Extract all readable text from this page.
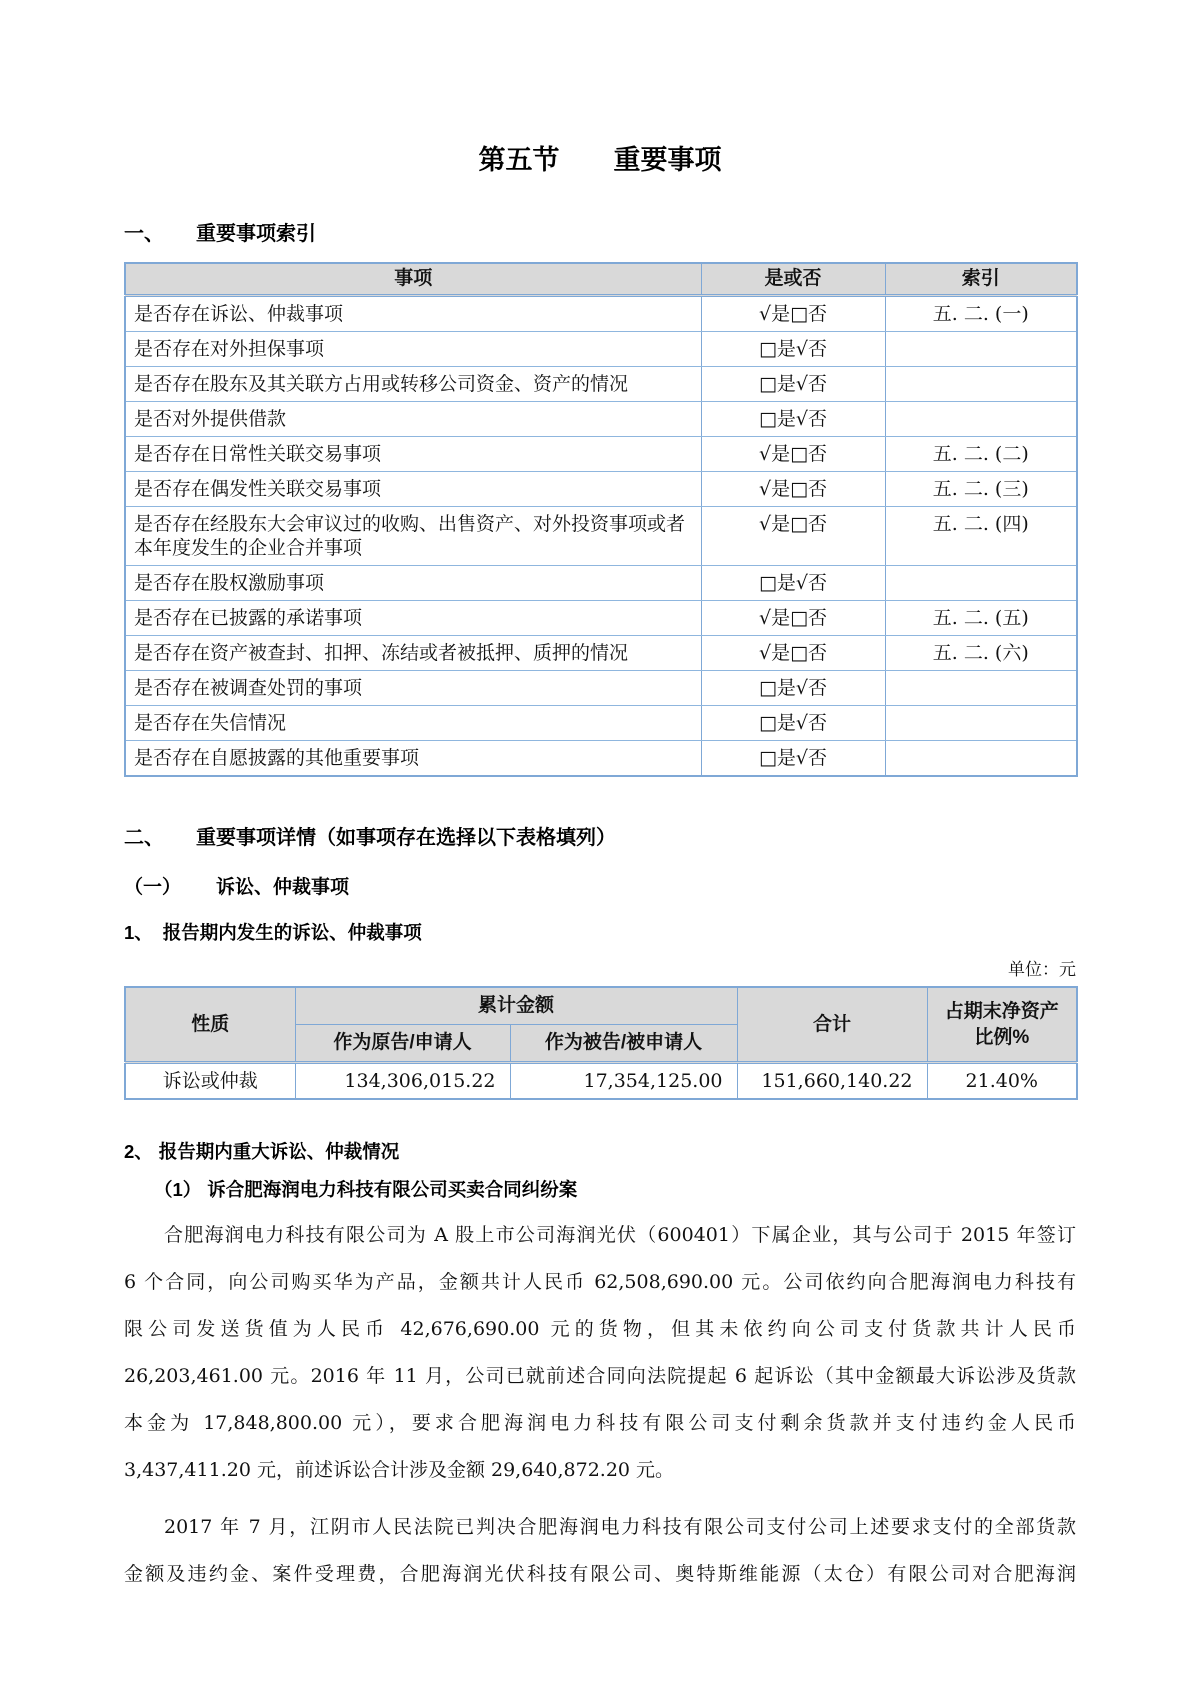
第五节　　重要事项
一、	重要事项索引
事项	是或否	索引
是否存在诉讼、仲裁事项	√是□否	五. 二. (一)
是否存在对外担保事项	□是√否	
是否存在股东及其关联方占用或转移公司资金、资产的情况	□是√否	
是否对外提供借款	□是√否	
是否存在日常性关联交易事项	√是□否	五. 二. (二)
是否存在偶发性关联交易事项	√是□否	五. 二. (三)
是否存在经股东大会审议过的收购、出售资产、对外投资事项或者本年度发生的企业合并事项	√是□否	五. 二. (四)
是否存在股权激励事项	□是√否	
是否存在已披露的承诺事项	√是□否	五. 二. (五)
是否存在资产被查封、扣押、冻结或者被抵押、质押的情况	√是□否	五. 二. (六)
是否存在被调查处罚的事项	□是√否	
是否存在失信情况	□是√否	
是否存在自愿披露的其他重要事项	□是√否	
二、	重要事项详情（如事项存在选择以下表格填列）
（一）	诉讼、仲裁事项
1、 报告期内发生的诉讼、仲裁事项
单位：元
性质	累计金额		合计	占期末净资产
比例%

	作为原告/申请人	作为被告/被申请人		
诉讼或仲裁	134,306,015.22	17,354,125.00	151,660,140.22	21.40%
2、 报告期内重大诉讼、仲裁情况
（1） 诉合肥海润电力科技有限公司买卖合同纠纷案
合肥海润电力科技有限公司为 A 股上市公司海润光伏（600401）下属企业，其与公司于 2015 年签订
6 个合同，向公司购买华为产品，金额共计人民币 62,508,690.00 元。公司依约向合肥海润电力科技有
限公司发送货值为人民币 42,676,690.00 元的货物，但其未依约向公司支付货款共计人民币
26,203,461.00 元。2016 年 11 月，公司已就前述合同向法院提起 6 起诉讼（其中金额最大诉讼涉及货款
本金为 17,848,800.00 元），要求合肥海润电力科技有限公司支付剩余货款并支付违约金人民币
3,437,411.20 元，前述诉讼合计涉及金额 29,640,872.20 元。
2017 年 7 月，江阴市人民法院已判决合肥海润电力科技有限公司支付公司上述要求支付的全部货款
金额及违约金、案件受理费，合肥海润光伏科技有限公司、奥特斯维能源（太仓）有限公司对合肥海润
